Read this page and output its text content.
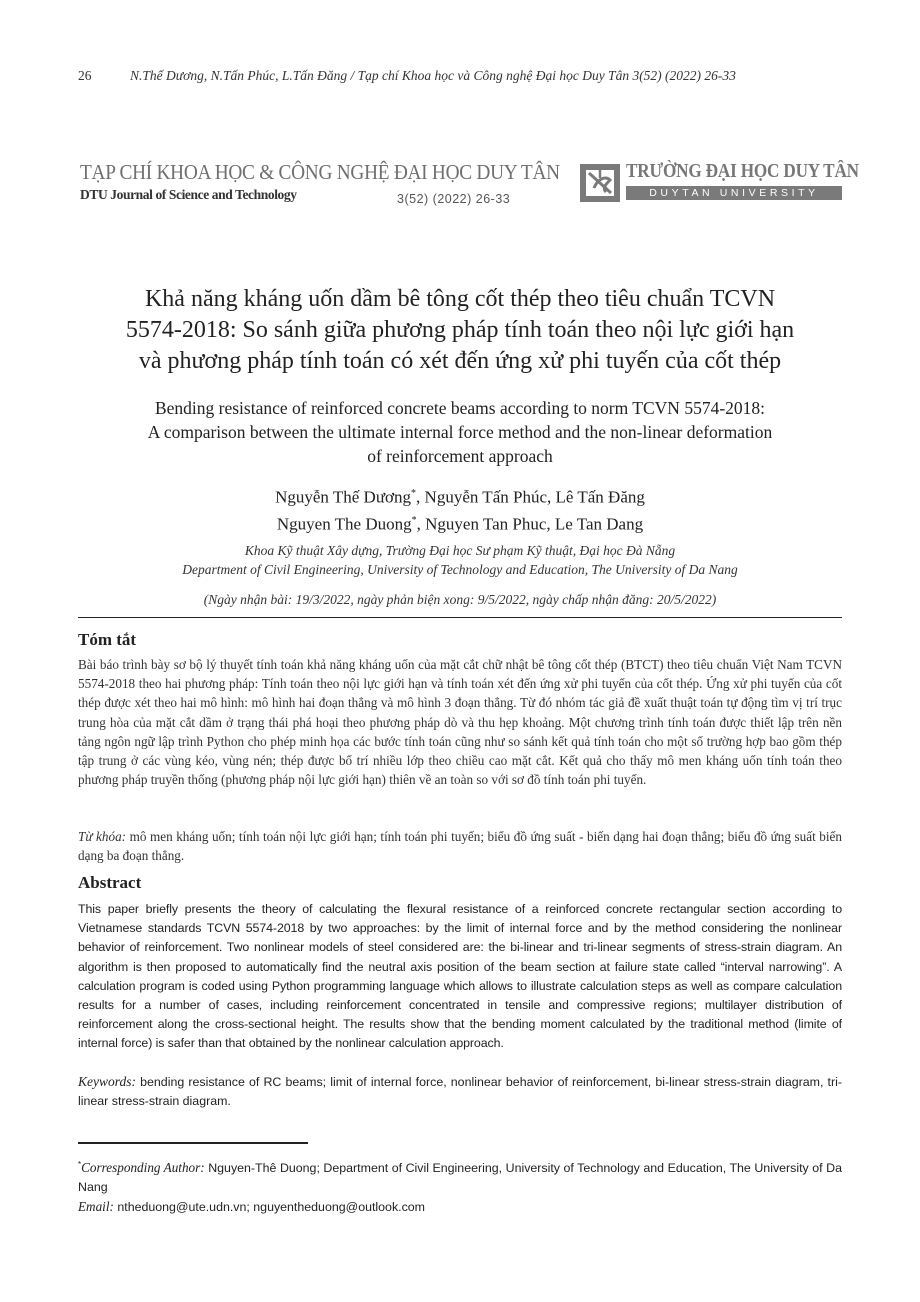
26	N.Thế Dương, N.Tấn Phúc, L.Tấn Đăng / Tạp chí Khoa học và Công nghệ Đại học Duy Tân 3(52) (2022) 26-33
TẠP CHÍ KHOA HỌC & CÔNG NGHỆ ĐẠI HỌC DUY TÂN
DTU Journal of Science and Technology	3(52) (2022) 26-33
TRƯỜNG ĐẠI HỌC DUY TÂN
DUYTAN UNIVERSITY
Khả năng kháng uốn dầm bê tông cốt thép theo tiêu chuẩn TCVN
5574-2018: So sánh giữa phương pháp tính toán theo nội lực giới hạn
và phương pháp tính toán có xét đến ứng xử phi tuyến của cốt thép
Bending resistance of reinforced concrete beams according to norm TCVN 5574-2018:
A comparison between the ultimate internal force method and the non-linear deformation
of reinforcement approach
Nguyễn Thế Dương*, Nguyễn Tấn Phúc, Lê Tấn Đăng
Nguyen The Duong*, Nguyen Tan Phuc, Le Tan Dang
Khoa Kỹ thuật Xây dựng, Trường Đại học Sư phạm Kỹ thuật, Đại học Đà Nẵng
Department of Civil Engineering, University of Technology and Education, The University of Da Nang
(Ngày nhận bài: 19/3/2022, ngày phản biện xong: 9/5/2022, ngày chấp nhận đăng: 20/5/2022)
Tóm tắt
Bài báo trình bày sơ bộ lý thuyết tính toán khả năng kháng uốn của mặt cắt chữ nhật bê tông cốt thép (BTCT) theo tiêu chuẩn Việt Nam TCVN 5574-2018 theo hai phương pháp: Tính toán theo nội lực giới hạn và tính toán xét đến ứng xử phi tuyến của cốt thép. Ứng xử phi tuyến của cốt thép được xét theo hai mô hình: mô hình hai đoạn thẳng và mô hình 3 đoạn thẳng. Từ đó nhóm tác giả đề xuất thuật toán tự động tìm vị trí trục trung hòa của mặt cắt dầm ở trạng thái phá hoại theo phương pháp dò và thu hẹp khoảng. Một chương trình tính toán được thiết lập trên nền tảng ngôn ngữ lập trình Python cho phép minh họa các bước tính toán cũng như so sánh kết quả tính toán cho một số trường hợp bao gồm thép tập trung ở các vùng kéo, vùng nén; thép được bố trí nhiều lớp theo chiều cao mặt cắt. Kết quả cho thấy mô men kháng uốn tính toán theo phương pháp truyền thống (phương pháp nội lực giới hạn) thiên về an toàn so với sơ đồ tính toán phi tuyến.
Từ khóa: mô men kháng uốn; tính toán nội lực giới hạn; tính toán phi tuyến; biểu đồ ứng suất - biến dạng hai đoạn thẳng; biểu đồ ứng suất biến dạng ba đoạn thẳng.
Abstract
This paper briefly presents the theory of calculating the flexural resistance of a reinforced concrete rectangular section according to Vietnamese standards TCVN 5574-2018 by two approaches: by the limit of internal force and by the method considering the nonlinear behavior of reinforcement. Two nonlinear models of steel considered are: the bi-linear and tri-linear segments of stress-strain diagram. An algorithm is then proposed to automatically find the neutral axis position of the beam section at failure state called “interval narrowing”. A calculation program is coded using Python programming language which allows to illustrate calculation steps as well as compare calculation results for a number of cases, including reinforcement concentrated in tensile and compressive regions; multilayer distribution of reinforcement along the cross-sectional height. The results show that the bending moment calculated by the traditional method (limite of internal force) is safer than that obtained by the nonlinear calculation approach.
Keywords: bending resistance of RC beams; limit of internal force, nonlinear behavior of reinforcement, bi-linear stress-strain diagram, tri-linear stress-strain diagram.
*Corresponding Author: Nguyen-Thê Duong; Department of Civil Engineering, University of Technology and Education, The University of Da Nang
Email: ntheduong@ute.udn.vn; nguyentheduong@outlook.com
